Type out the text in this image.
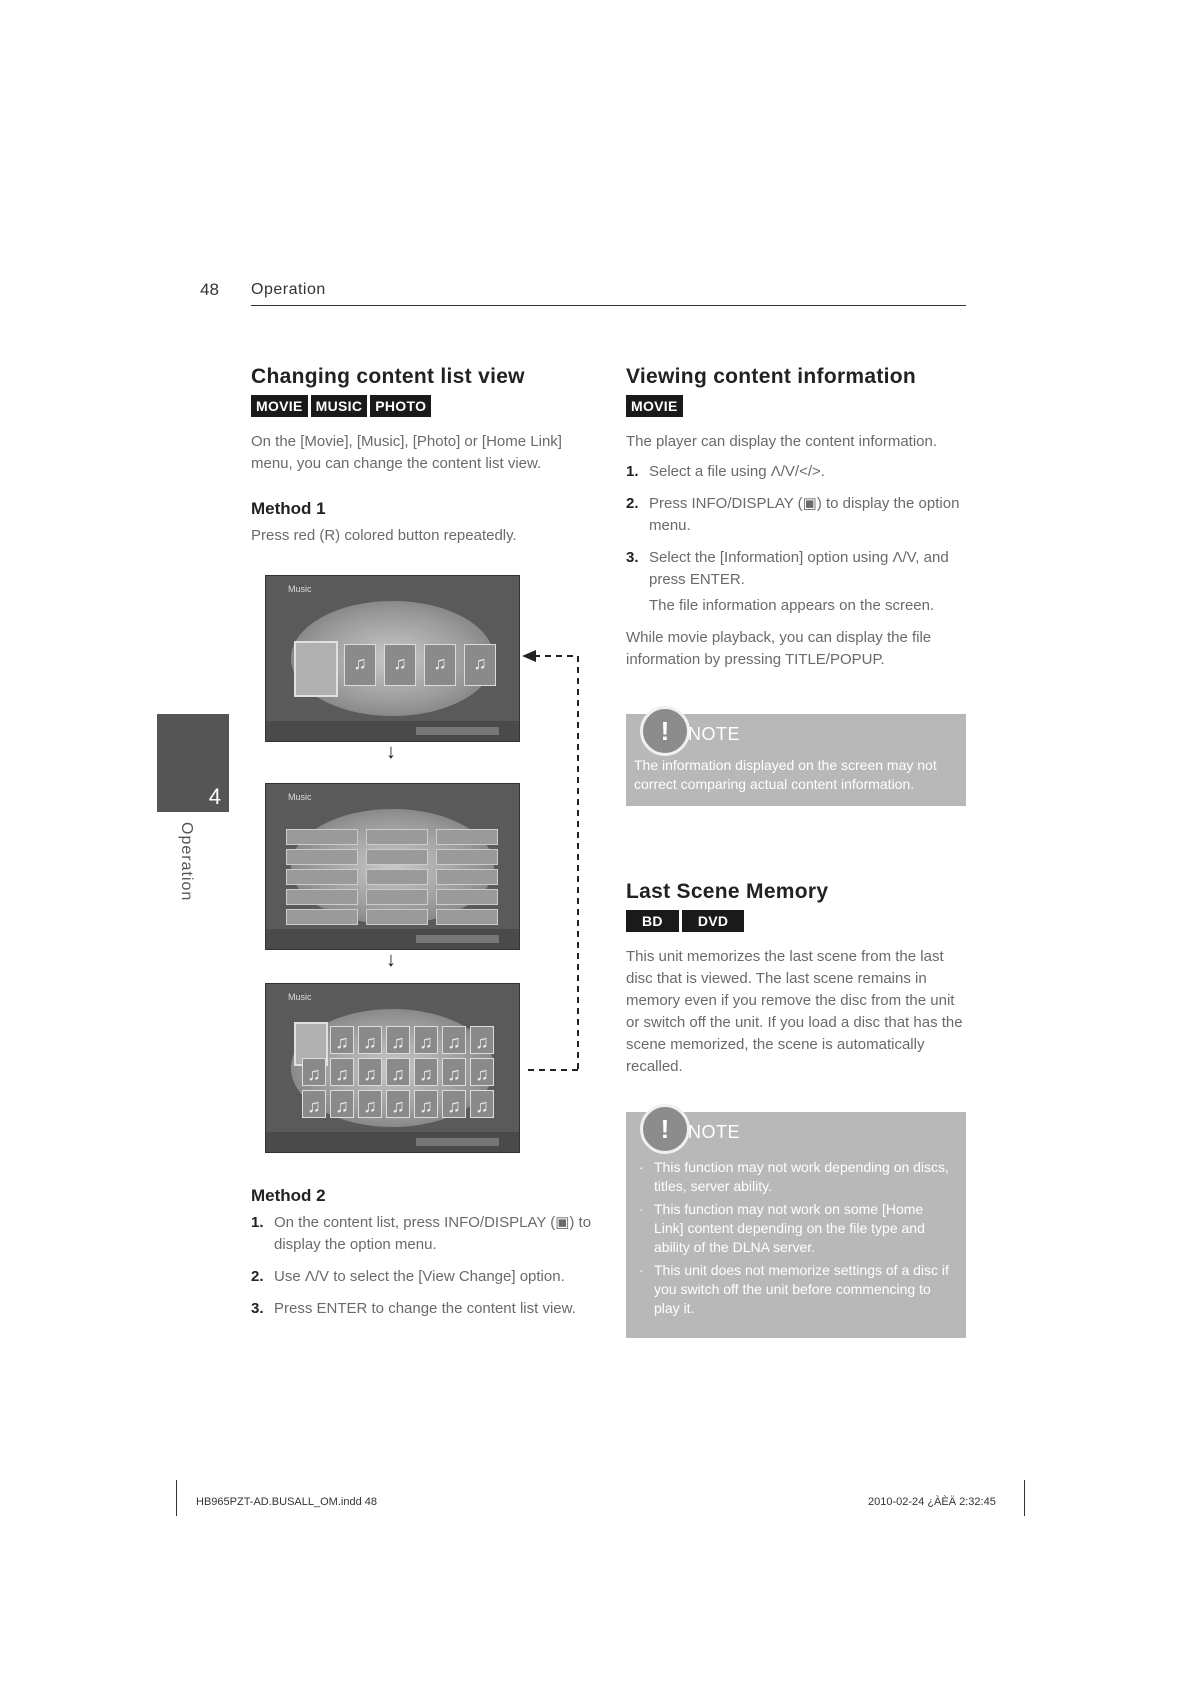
48 Operation
4
Operation
Changing content list view
MOVIE MUSIC PHOTO

On the [Movie], [Music], [Photo] or [Home Link] menu, you can change the content list view.

Method 1

Press red (R) colored button repeatedly.

Music
♫
♫
♫
♫
↓
Music
↓
Music
♫
♫
♫
♫
♫
♫
♫
♫
♫
♫
♫
♫
♫
♫
♫
♫
♫
♫
♫
♫
Method 2
1. On the content list, press INFO/DISPLAY (▣) to display the option menu.
2. Use Λ/V to select the [View Change] option.
3. Press ENTER to change the content list view.
Viewing content information
MOVIE

The player can display the content information.

1. Select a file using Λ/V/</>.
2. Press INFO/DISPLAY (▣) to display the option menu.
3. Select the [Information] option using Λ/V, and press ENTER.

The file information appears on the screen.

While movie playback, you can display the file information by pressing TITLE/POPUP.

!	NOTE
The information displayed on the screen may not correct comparing actual content information.
Last Scene Memory
BD	DVD

This unit memorizes the last scene from the last disc that is viewed. The last scene remains in memory even if you remove the disc from the unit or switch off the unit. If you load a disc that has the scene memorized, the scene is automatically recalled.

!	NOTE
· This function may not work depending on discs, titles, server ability.
· This function may not work on some [Home Link] content depending on the file type and ability of the DLNA server.
· This unit does not memorize settings of a disc if you switch off the unit before commencing to play it.
HB965PZT-AD.BUSALL_OM.indd 48	2010-02-24 ¿ÀÈÄ 2:32:45
